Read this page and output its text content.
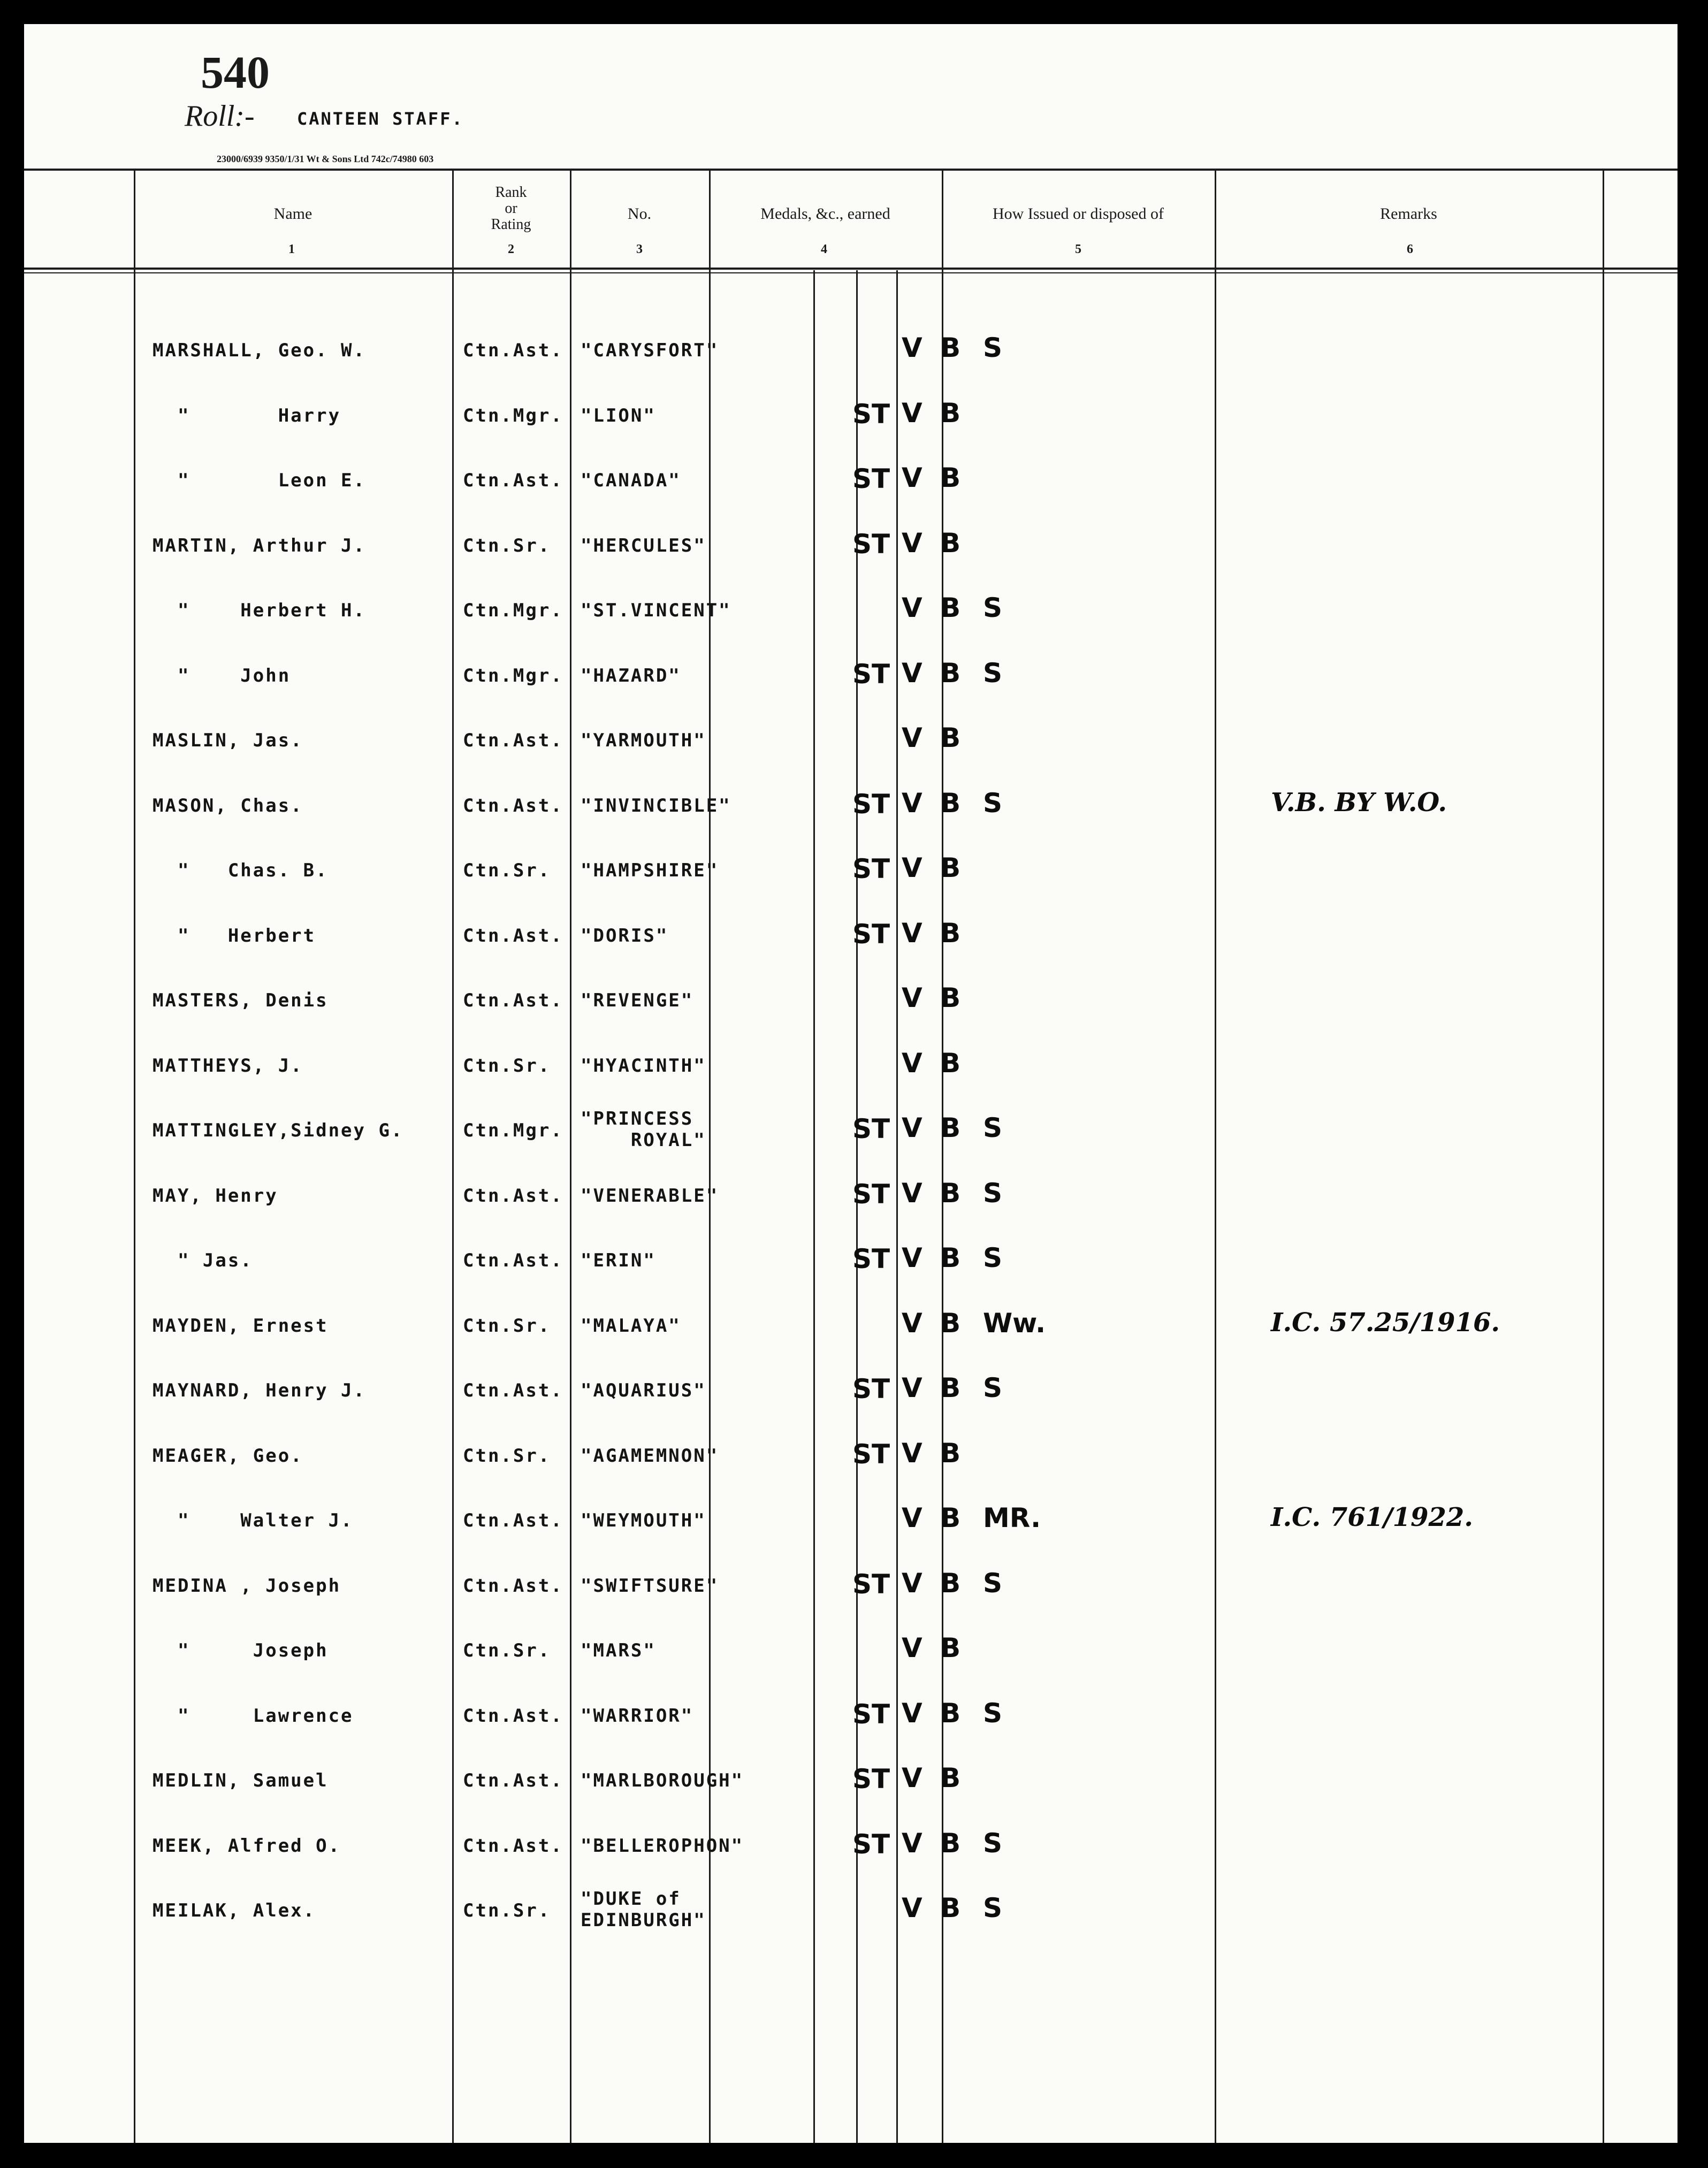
540
Roll:- CANTEEN STAFF.
23000/6939 9350/1/31 Wt & Sons Ltd 742c/74980 603
Name
1
Rank
or
Rating
2
No.
3
Medals, &c., earned
4
How Issued or disposed of
5
Remarks
6
MARSHALL, Geo. W.	Ctn.Ast. "CARYSFORT"	V B S
"       Harry	Ctn.Mgr. "LION"	ST V B
"       Leon E.	Ctn.Ast. "CANADA"	ST V B
MARTIN, Arthur J.	Ctn.Sr. "HERCULES"	ST V B
"    Herbert H.	Ctn.Mgr. "ST.VINCENT"	V B S
"    John	Ctn.Mgr. "HAZARD"	ST V B S
MASLIN, Jas.	Ctn.Ast. "YARMOUTH"	V B
MASON, Chas.	Ctn.Ast. "INVINCIBLE"	ST V B S	V.B. BY W.O.
"   Chas. B.	Ctn.Sr. "HAMPSHIRE"	ST V B
"   Herbert	Ctn.Ast. "DORIS"	ST V B
MASTERS, Denis	Ctn.Ast. "REVENGE"	V B
MATTHEYS, J.	Ctn.Sr. "HYACINTH"	V B
MATTINGLEY,Sidney G.	Ctn.Mgr.
"PRINCESS
ROYAL"	ST V B S
MAY, Henry	Ctn.Ast. "VENERABLE"	ST V B S
" Jas.	Ctn.Ast. "ERIN"	ST V B S
MAYDEN, Ernest	Ctn.Sr. "MALAYA"	V B Ww.	I.C. 57.25/1916.
MAYNARD, Henry J.	Ctn.Ast. "AQUARIUS"	ST V B S
MEAGER, Geo.	Ctn.Sr. "AGAMEMNON"	ST V B
"    Walter J.	Ctn.Ast. "WEYMOUTH"	V B MR.	I.C. 761/1922.
MEDINA , Joseph	Ctn.Ast. "SWIFTSURE"	ST V B S
"     Joseph	Ctn.Sr. "MARS"	V B
"     Lawrence	Ctn.Ast. "WARRIOR"	ST V B S
MEDLIN, Samuel	Ctn.Ast. "MARLBOROUGH"	ST V B
MEEK, Alfred O.	Ctn.Ast. "BELLEROPHON"	ST V B S
MEILAK, Alex.	Ctn.Sr.
"DUKE of
EDINBURGH"	V B S
